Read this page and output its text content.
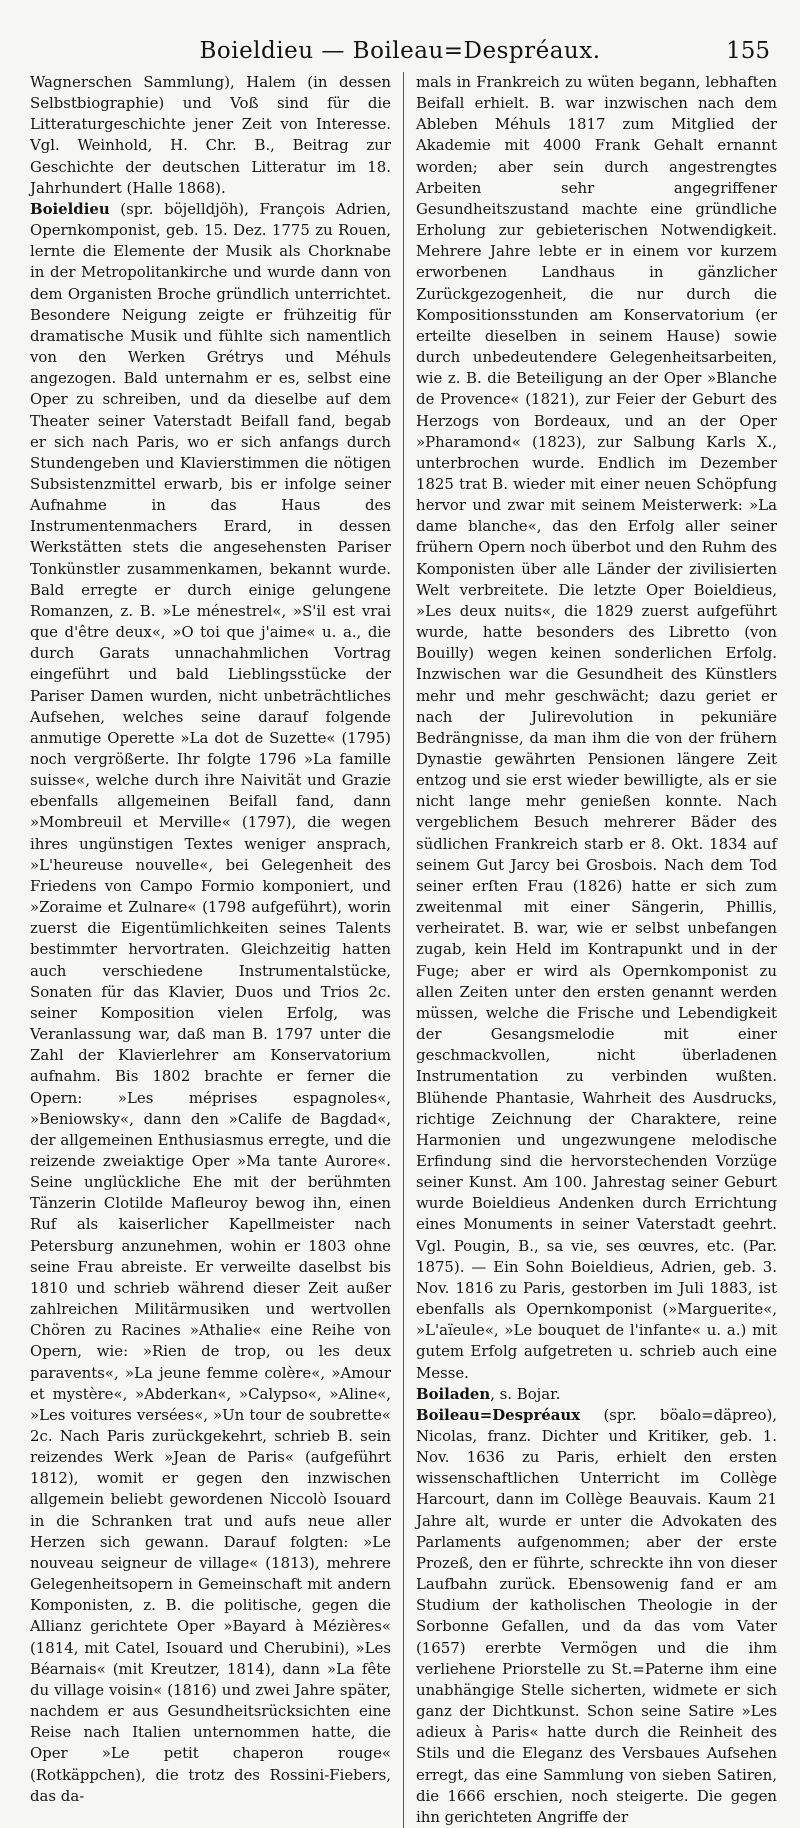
Boieldieu — Boileau=Despréaux.	155

Wagnerschen Sammlung), Halem (in dessen Selbstbiographie) und Voß sind für die Litteraturgeschichte jener Zeit von Interesse. Vgl. Weinhold, H. Chr. B., Beitrag zur Geschichte der deutschen Litteratur im 18. Jahrhundert (Halle 1868).

Boieldieu (spr. böjelldjöh), François Adrien, Opernkomponist, geb. 15. Dez. 1775 zu Rouen, lernte die Elemente der Musik als Chorknabe in der Metropolitankirche und wurde dann von dem Organisten Broche gründlich unterrichtet. Besondere Neigung zeigte er frühzeitig für dramatische Musik und fühlte sich namentlich von den Werken Grétrys und Méhuls angezogen. Bald unternahm er es, selbst eine Oper zu schreiben, und da dieselbe auf dem Theater seiner Vaterstadt Beifall fand, begab er sich nach Paris, wo er sich anfangs durch Stundengeben und Klavierstimmen die nötigen Subsistenzmittel erwarb, bis er infolge seiner Aufnahme in das Haus des Instrumentenmachers Erard, in dessen Werkstätten stets die angesehensten Pariser Tonkünstler zusammenkamen, bekannt wurde. Bald erregte er durch einige gelungene Romanzen, z. B. »Le ménestrel«, »S'il est vrai que d'être deux«, »O toi que j'aime« u. a., die durch Garats unnachahmlichen Vortrag eingeführt und bald Lieblingsstücke der Pariser Damen wurden, nicht unbeträchtliches Aufsehen, welches seine darauf folgende anmutige Operette »La dot de Suzette« (1795) noch vergrößerte. Ihr folgte 1796 »La famille suisse«, welche durch ihre Naivität und Grazie ebenfalls allgemeinen Beifall fand, dann »Mombreuil et Merville« (1797), die wegen ihres ungünstigen Textes weniger ansprach, »L'heureuse nouvelle«, bei Gelegenheit des Friedens von Campo Formio komponiert, und »Zoraime et Zulnare« (1798 aufgeführt), worin zuerst die Eigentümlichkeiten seines Talents bestimmter hervortraten. Gleichzeitig hatten auch verschiedene Instrumentalstücke, Sonaten für das Klavier, Duos und Trios 2c. seiner Komposition vielen Erfolg, was Veranlassung war, daß man B. 1797 unter die Zahl der Klavierlehrer am Konservatorium aufnahm. Bis 1802 brachte er ferner die Opern: »Les méprises espagnoles«, »Beniowsky«, dann den »Calife de Bagdad«, der allgemeinen Enthusiasmus erregte, und die reizende zweiaktige Oper »Ma tante Aurore«. Seine unglückliche Ehe mit der berühmten Tänzerin Clotilde Mafleuroy bewog ihn, einen Ruf als kaiserlicher Kapellmeister nach Petersburg anzunehmen, wohin er 1803 ohne seine Frau abreiste. Er verweilte daselbst bis 1810 und schrieb während dieser Zeit außer zahlreichen Militärmusiken und wertvollen Chören zu Racines »Athalie« eine Reihe von Opern, wie: »Rien de trop, ou les deux paravents«, »La jeune femme colère«, »Amour et mystère«, »Abderkan«, »Calypso«, »Aline«, »Les voitures versées«, »Un tour de soubrette« 2c. Nach Paris zurückgekehrt, schrieb B. sein reizendes Werk »Jean de Paris« (aufgeführt 1812), womit er gegen den inzwischen allgemein beliebt gewordenen Niccolò Isouard in die Schranken trat und aufs neue aller Herzen sich gewann. Darauf folgten: »Le nouveau seigneur de village« (1813), mehrere Gelegenheitsopern in Gemeinschaft mit andern Komponisten, z. B. die politische, gegen die Allianz gerichtete Oper »Bayard à Mézières« (1814, mit Catel, Isouard und Cherubini), »Les Béarnais« (mit Kreutzer, 1814), dann »La fête du village voisin« (1816) und zwei Jahre später, nachdem er aus Gesundheitsrücksichten eine Reise nach Italien unternommen hatte, die Oper »Le petit chaperon rouge« (Rotkäppchen), die trotz des Rossini-Fiebers, das da-

mals in Frankreich zu wüten begann, lebhaften Beifall erhielt. B. war inzwischen nach dem Ableben Méhuls 1817 zum Mitglied der Akademie mit 4000 Frank Gehalt ernannt worden; aber sein durch angestrengtes Arbeiten sehr angegriffener Gesundheitszustand machte eine gründliche Erholung zur gebieterischen Notwendigkeit. Mehrere Jahre lebte er in einem vor kurzem erworbenen Landhaus in gänzlicher Zurückgezogenheit, die nur durch die Kompositionsstunden am Konservatorium (er erteilte dieselben in seinem Hause) sowie durch unbedeutendere Gelegenheitsarbeiten, wie z. B. die Beteiligung an der Oper »Blanche de Provence« (1821), zur Feier der Geburt des Herzogs von Bordeaux, und an der Oper »Pharamond« (1823), zur Salbung Karls X., unterbrochen wurde. Endlich im Dezember 1825 trat B. wieder mit einer neuen Schöpfung hervor und zwar mit seinem Meisterwerk: »La dame blanche«, das den Erfolg aller seiner frühern Opern noch überbot und den Ruhm des Komponisten über alle Länder der zivilisierten Welt verbreitete. Die letzte Oper Boieldieus, »Les deux nuits«, die 1829 zuerst aufgeführt wurde, hatte besonders des Libretto (von Bouilly) wegen keinen sonderlichen Erfolg. Inzwischen war die Gesundheit des Künstlers mehr und mehr geschwächt; dazu geriet er nach der Julirevolution in pekuniäre Bedrängnisse, da man ihm die von der frühern Dynastie gewährten Pensionen längere Zeit entzog und sie erst wieder bewilligte, als er sie nicht lange mehr genießen konnte. Nach vergeblichem Besuch mehrerer Bäder des südlichen Frankreich starb er 8. Okt. 1834 auf seinem Gut Jarcy bei Grosbois. Nach dem Tod seiner erſten Frau (1826) hatte er sich zum zweitenmal mit einer Sängerin, Phillis, verheiratet. B. war, wie er selbst unbefangen zugab, kein Held im Kontrapunkt und in der Fuge; aber er wird als Opernkomponist zu allen Zeiten unter den ersten genannt werden müssen, welche die Frische und Lebendigkeit der Gesangsmelodie mit einer geschmackvollen, nicht überladenen Instrumentation zu verbinden wußten. Blühende Phantasie, Wahrheit des Ausdrucks, richtige Zeichnung der Charaktere, reine Harmonien und ungezwungene melodische Erfindung sind die hervorstechenden Vorzüge seiner Kunst. Am 100. Jahrestag seiner Geburt wurde Boieldieus Andenken durch Errichtung eines Monuments in seiner Vaterstadt geehrt. Vgl. Pougin, B., sa vie, ses œuvres, etc. (Par. 1875). — Ein Sohn Boieldieus, Adrien, geb. 3. Nov. 1816 zu Paris, gestorben im Juli 1883, ist ebenfalls als Opernkomponist (»Marguerite«, »L'aïeule«, »Le bouquet de l'infante« u. a.) mit gutem Erfolg aufgetreten u. schrieb auch eine Messe.

Boiladen, s. Bojar.

Boileau=Despréaux (spr. böalo=däpreo), Nicolas, franz. Dichter und Kritiker, geb. 1. Nov. 1636 zu Paris, erhielt den ersten wissenschaftlichen Unterricht im Collège Harcourt, dann im Collège Beauvais. Kaum 21 Jahre alt, wurde er unter die Advokaten des Parlaments aufgenommen; aber der erste Prozeß, den er führte, schreckte ihn von dieser Laufbahn zurück. Ebensowenig fand er am Studium der katholischen Theologie in der Sorbonne Gefallen, und da das vom Vater (1657) ererbte Vermögen und die ihm verliehene Priorstelle zu St.=Paterne ihm eine unabhängige Stelle sicherten, widmete er sich ganz der Dichtkunst. Schon seine Satire »Les adieux à Paris« hatte durch die Reinheit des Stils und die Eleganz des Versbaues Aufsehen erregt, das eine Sammlung von sieben Satiren, die 1666 erschien, noch steigerte. Die gegen ihn gerichteten Angriffe der
